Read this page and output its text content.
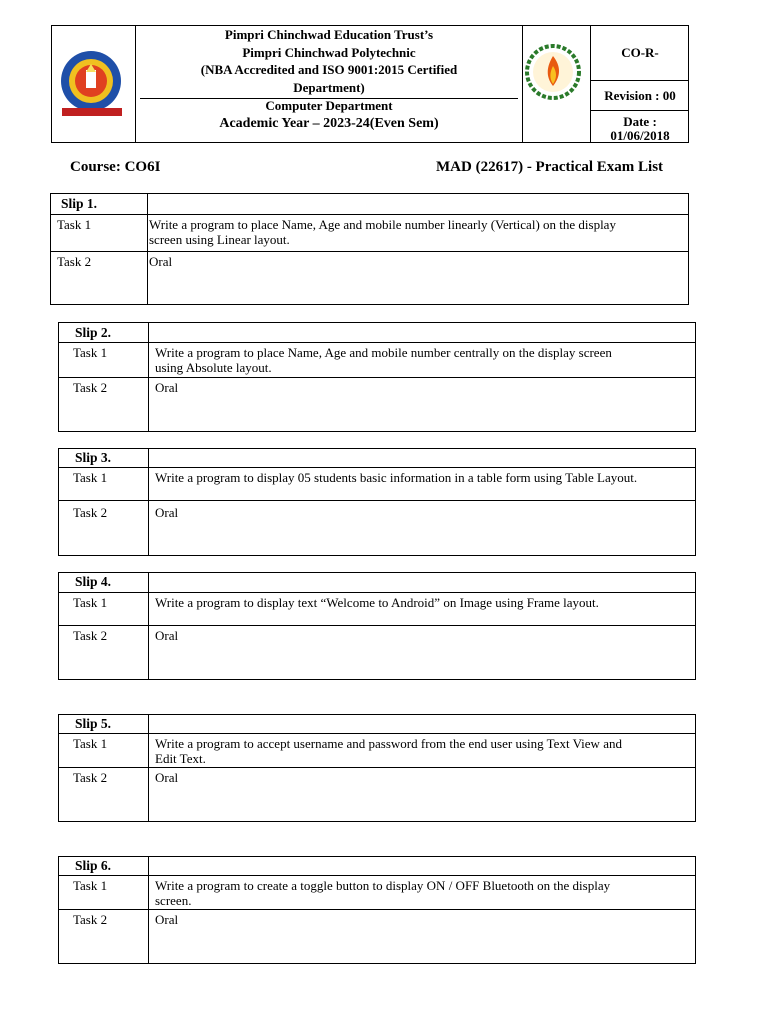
Pimpri Chinchwad Education Trust’s
Pimpri Chinchwad Polytechnic
(NBA Accredited and ISO 9001:2015 Certified
Department)
Computer Department
Academic Year – 2023-24(Even Sem)
CO-R-
Revision : 00
Date :
01/06/2018
Course: CO6I	MAD (22617) - Practical Exam List
Slip 1.
Task 1	Write a program to place Name, Age and mobile number linearly (Vertical) on the display
screen using Linear layout.
Task 2	Oral
Slip 2.
Task 1	Write a program to place Name, Age and mobile number centrally on the display screen
using Absolute layout.
Task 2	Oral
Slip 3.
Task 1	Write a program to display 05 students basic information in a table form using Table Layout.
Task 2	Oral
Slip 4.
Task 1	Write a program to display text “Welcome to Android” on Image using Frame layout.
Task 2	Oral
Slip 5.
Task 1	Write a program to accept username and password from the end user using Text View and
Edit Text.
Task 2	Oral
Slip 6.
Task 1	Write a program to create a toggle button to display ON / OFF Bluetooth on the display
screen.
Task 2	Oral
